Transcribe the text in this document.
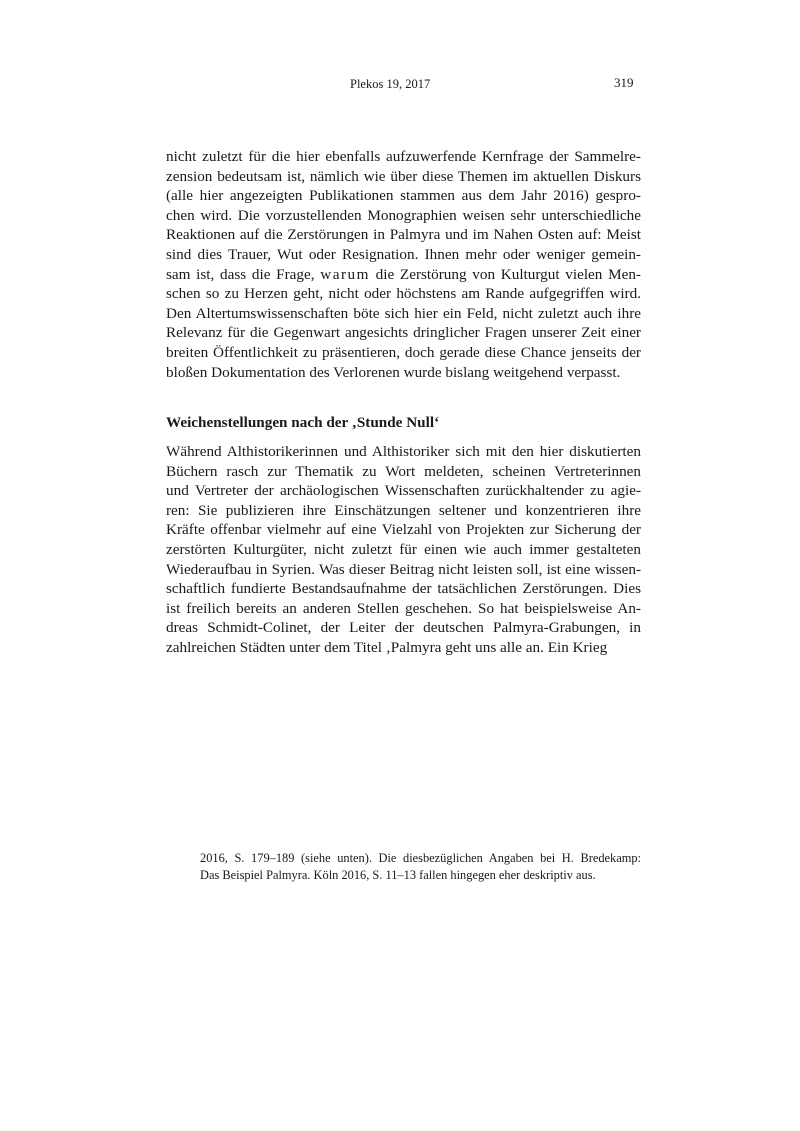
Plekos 19, 2017	319
nicht zuletzt für die hier ebenfalls aufzuwerfende Kernfrage der Sammelre-
zension bedeutsam ist, nämlich wie über diese Themen im aktuellen Diskurs
(alle hier angezeigten Publikationen stammen aus dem Jahr 2016) gespro-
chen wird. Die vorzustellenden Monographien weisen sehr unterschiedliche
Reaktionen auf die Zerstörungen in Palmyra und im Nahen Osten auf: Meist
sind dies Trauer, Wut oder Resignation. Ihnen mehr oder weniger gemein-
sam ist, dass die Frage, warum die Zerstörung von Kulturgut vielen Men-
schen so zu Herzen geht, nicht oder höchstens am Rande aufgegriffen wird.
Den Altertumswissenschaften böte sich hier ein Feld, nicht zuletzt auch ihre
Relevanz für die Gegenwart angesichts dringlicher Fragen unserer Zeit einer
breiten Öffentlichkeit zu präsentieren, doch gerade diese Chance jenseits der
bloßen Dokumentation des Verlorenen wurde bislang weitgehend verpasst.
Weichenstellungen nach der ‚Stunde Null‘
Während Althistorikerinnen und Althistoriker sich mit den hier diskutierten
Büchern rasch zur Thematik zu Wort meldeten, scheinen Vertreterinnen
und Vertreter der archäologischen Wissenschaften zurückhaltender zu agie-
ren: Sie publizieren ihre Einschätzungen seltener und konzentrieren ihre
Kräfte offenbar vielmehr auf eine Vielzahl von Projekten zur Sicherung der
zerstörten Kulturgüter, nicht zuletzt für einen wie auch immer gestalteten
Wiederaufbau in Syrien. Was dieser Beitrag nicht leisten soll, ist eine wissen-
schaftlich fundierte Bestandsaufnahme der tatsächlichen Zerstörungen. Dies
ist freilich bereits an anderen Stellen geschehen. So hat beispielsweise An-
dreas Schmidt-Colinet, der Leiter der deutschen Palmyra-Grabungen, in
zahlreichen Städten unter dem Titel ‚Palmyra geht uns alle an. Ein Krieg
2016, S. 179–189 (siehe unten). Die diesbezüglichen Angaben bei H. Bredekamp:
Das Beispiel Palmyra. Köln 2016, S. 11–13 fallen hingegen eher deskriptiv aus.
